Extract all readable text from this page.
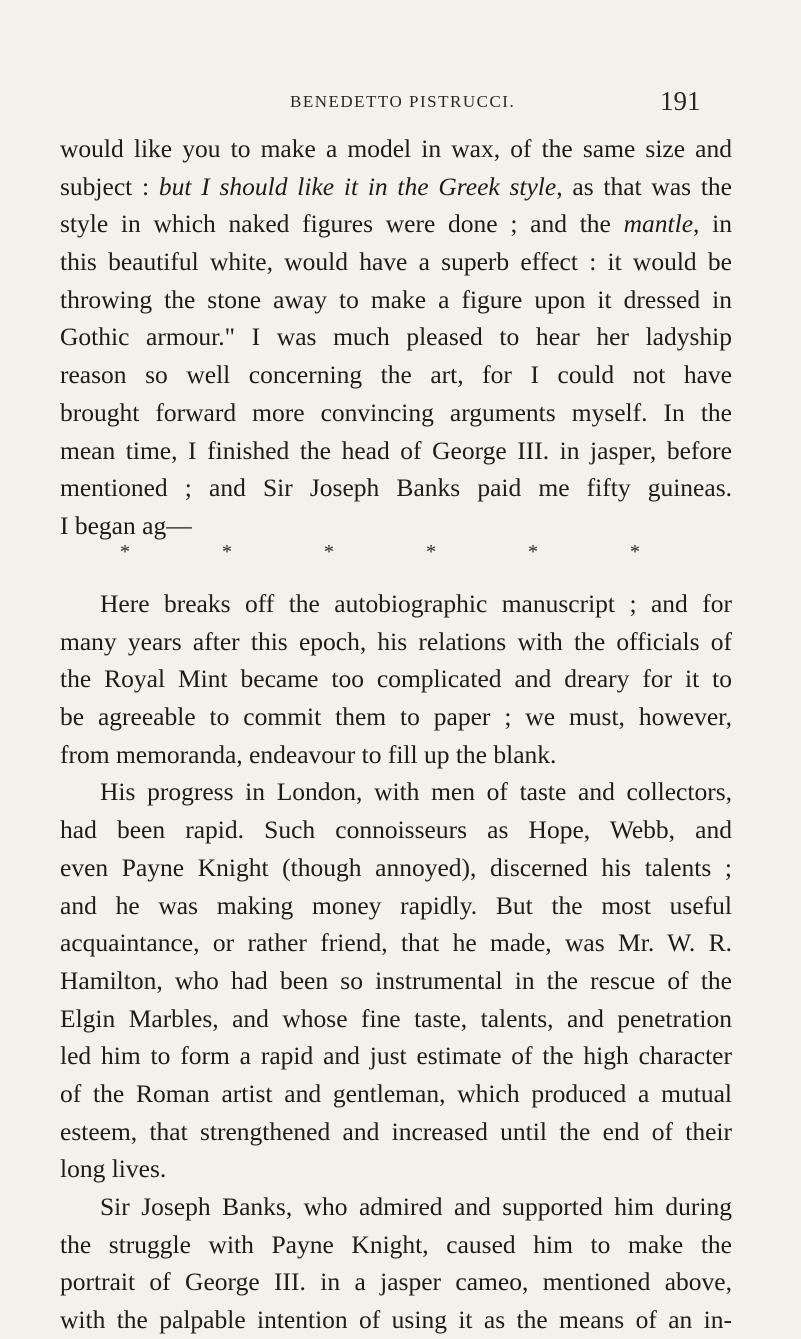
BENEDETTO PISTRUCCI.	191
would like you to make a model in wax, of the same size and
subject : but I should like it in the Greek style, as that was the
style in which naked figures were done ; and the mantle, in
this beautiful white, would have a superb effect : it would be
throwing the stone away to make a figure upon it dressed in
Gothic armour." I was much pleased to hear her ladyship
reason so well concerning the art, for I could not have
brought forward more convincing arguments myself. In the
mean time, I finished the head of George III. in jasper, before
mentioned ; and Sir Joseph Banks paid me fifty guineas.
I began ag—
*	*	*	*	*	*
Here breaks off the autobiographic manuscript ; and for
many years after this epoch, his relations with the officials of
the Royal Mint became too complicated and dreary for it to
be agreeable to commit them to paper ; we must, however,
from memoranda, endeavour to fill up the blank.
His progress in London, with men of taste and collectors,
had been rapid. Such connoisseurs as Hope, Webb, and
even Payne Knight (though annoyed), discerned his talents ;
and he was making money rapidly. But the most useful
acquaintance, or rather friend, that he made, was Mr. W. R.
Hamilton, who had been so instrumental in the rescue of the
Elgin Marbles, and whose fine taste, talents, and penetration
led him to form a rapid and just estimate of the high character
of the Roman artist and gentleman, which produced a mutual
esteem, that strengthened and increased until the end of their
long lives.
Sir Joseph Banks, who admired and supported him during
the struggle with Payne Knight, caused him to make the
portrait of George III. in a jasper cameo, mentioned above,
with the palpable intention of using it as the means of an in-
